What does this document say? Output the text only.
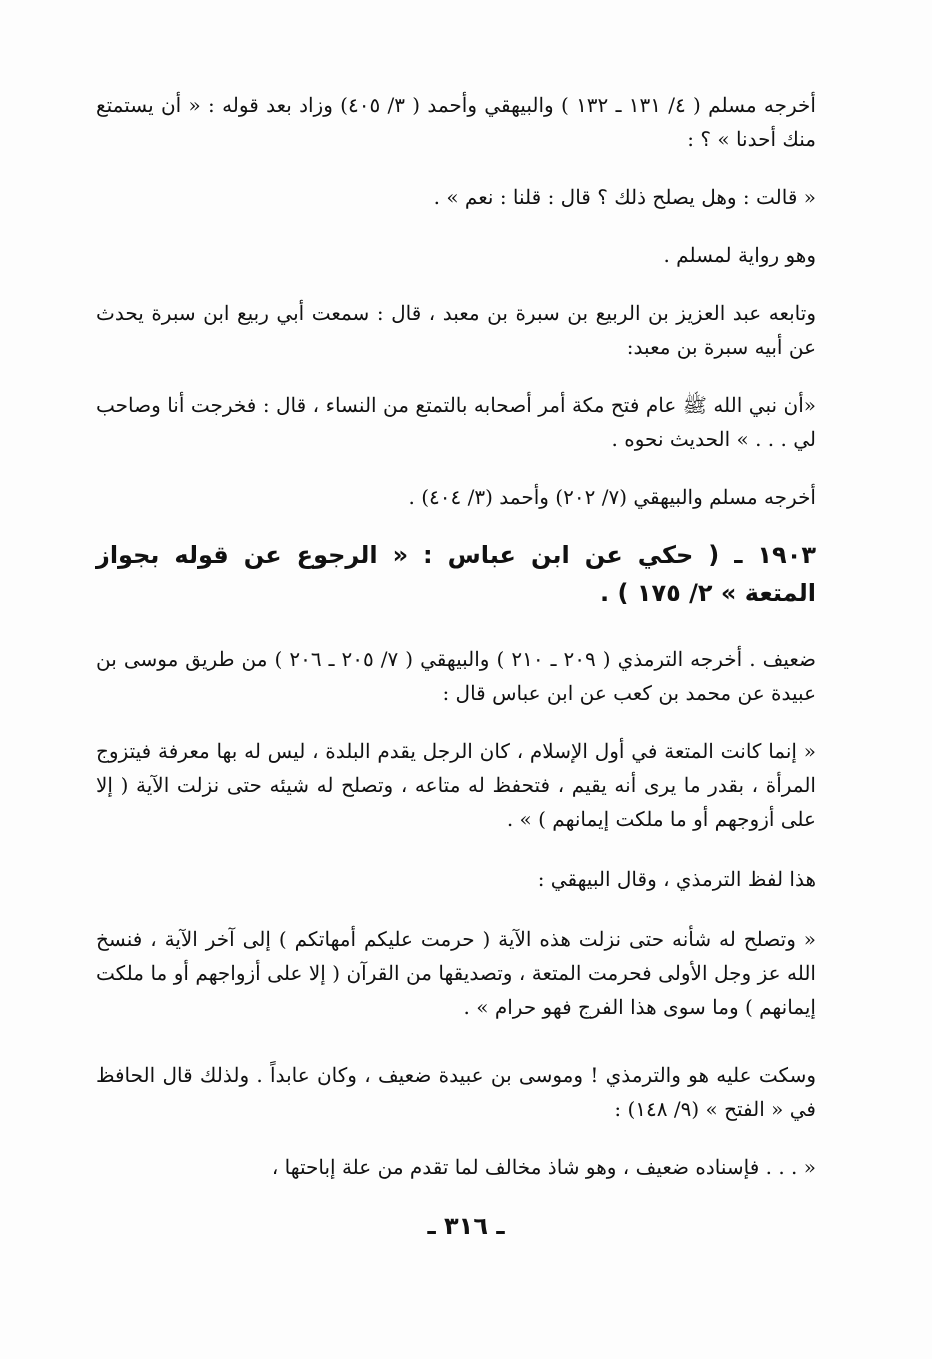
أخرجه مسلم ( ٤/ ١٣١ ـ ١٣٢ ) والبيهقي وأحمد ( ٣/ ٤٠٥) وزاد بعد قوله : « أن يستمتع منك أحدنا » ؟ :

« قالت : وهل يصلح ذلك ؟ قال : قلنا : نعم » .

وهو رواية لمسلم .

وتابعه عبد العزيز بن الربيع بن سبرة بن معبد ، قال : سمعت أبي ربيع ابن سبرة يحدث عن أبيه سبرة بن معبد:

«أن نبي الله ﷺ عام فتح مكة أمر أصحابه بالتمتع من النساء ، قال : فخرجت أنا وصاحب لي . . . » الحديث نحوه .

أخرجه مسلم والبيهقي (٧/ ٢٠٢) وأحمد (٣/ ٤٠٤) .

١٩٠٣ ـ ( حكي عن ابن عباس : « الرجوع عن قوله بجواز المتعة » ٢/ ١٧٥ ) .

ضعيف . أخرجه الترمذي ( ٢٠٩ ـ ٢١٠ ) والبيهقي ( ٧/ ٢٠٥ ـ ٢٠٦ ) من طريق موسى بن عبيدة عن محمد بن كعب عن ابن عباس قال :

« إنما كانت المتعة في أول الإسلام ، كان الرجل يقدم البلدة ، ليس له بها معرفة فيتزوج المرأة ، بقدر ما يرى أنه يقيم ، فتحفظ له متاعه ، وتصلح له شيئه حتى نزلت الآية ( إلا على أزوجهم أو ما ملكت إيمانهم ) » .

هذا لفظ الترمذي ، وقال البيهقي :

« وتصلح له شأنه حتى نزلت هذه الآية ( حرمت عليكم أمهاتكم ) إلى آخر الآية ، فنسخ الله عز وجل الأولى فحرمت المتعة ، وتصديقها من القرآن ( إلا على أزواجهم أو ما ملكت إيمانهم ) وما سوى هذا الفرج فهو حرام » .

وسكت عليه هو والترمذي ! وموسى بن عبيدة ضعيف ، وكان عابداً . ولذلك قال الحافظ في « الفتح » (٩/ ١٤٨) :

« . . . فإسناده ضعيف ، وهو شاذ مخالف لما تقدم من علة إباحتها ،

ـ ٣١٦ ـ
